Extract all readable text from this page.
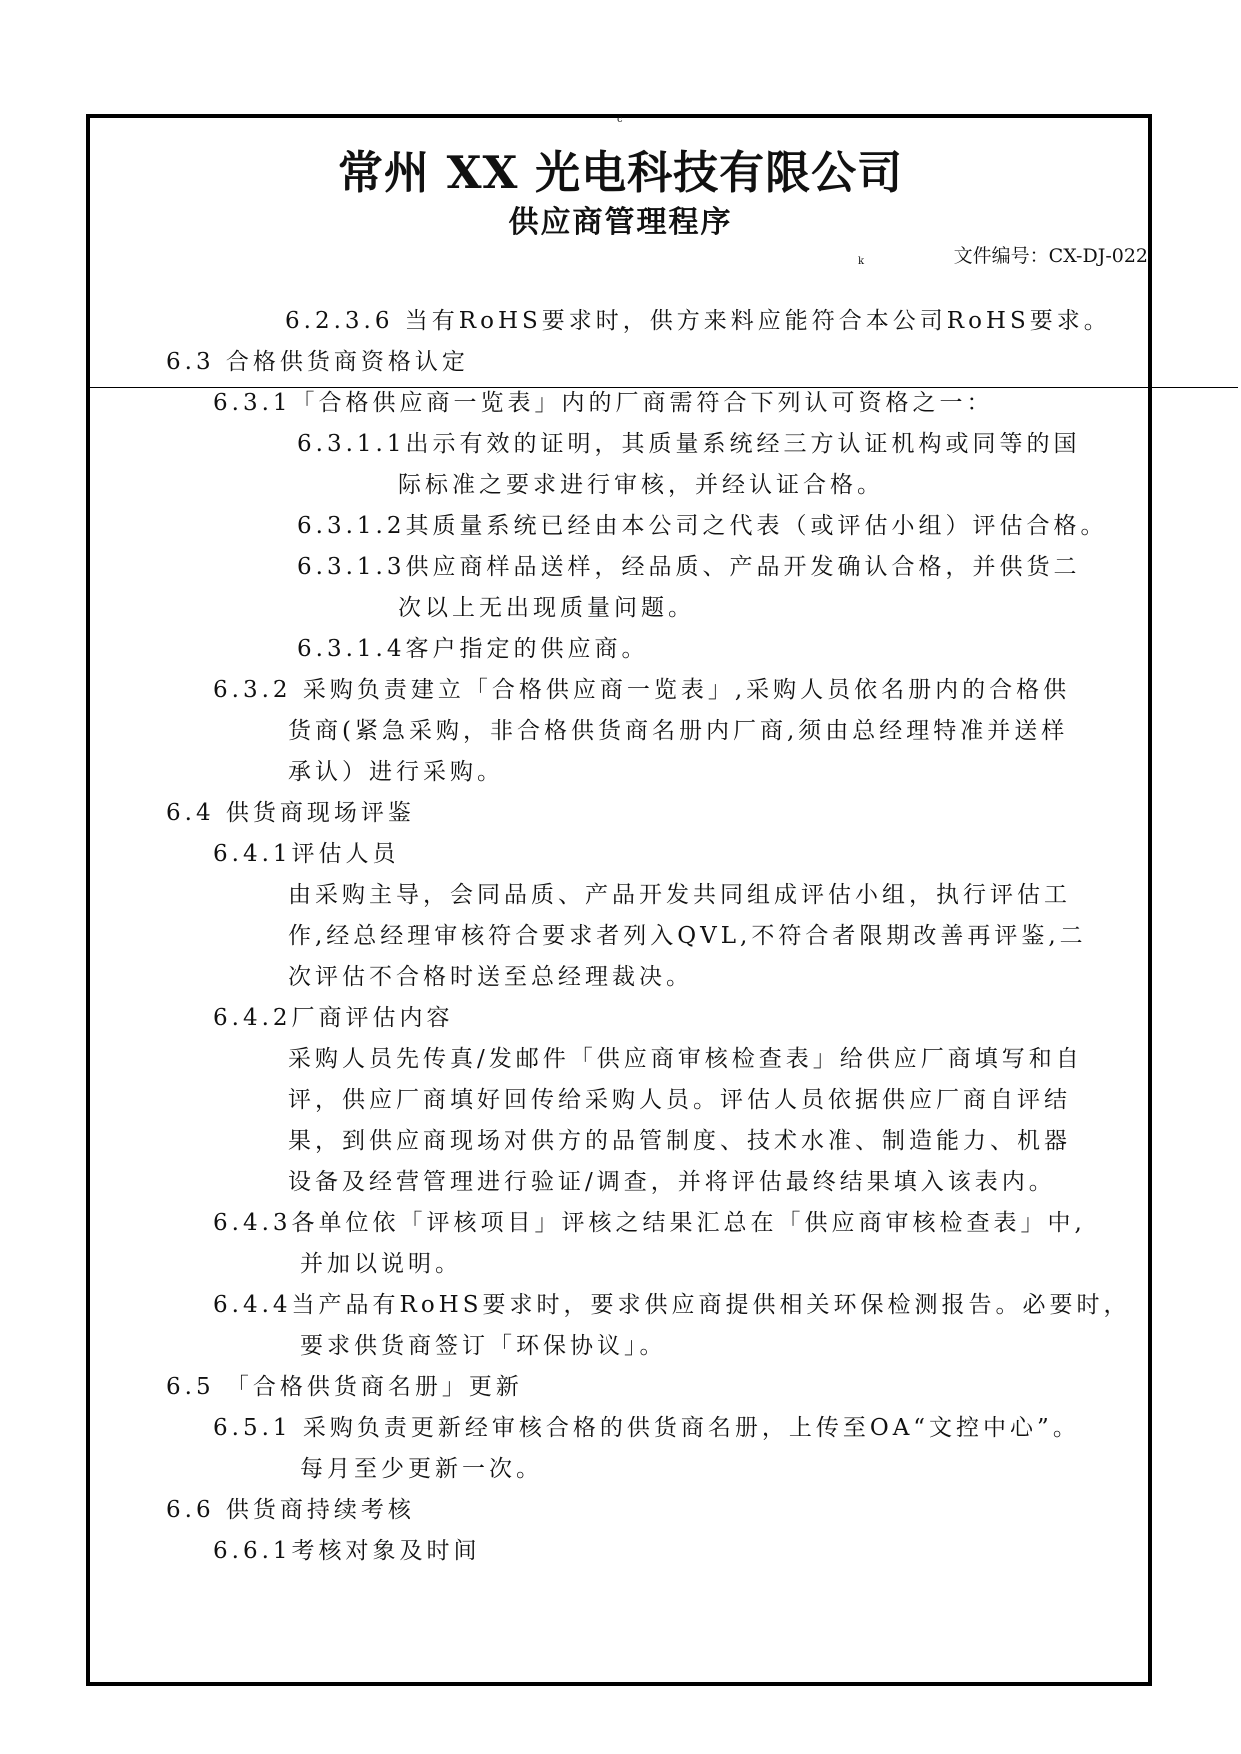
c
常州 XX 光电科技有限公司
供应商管理程序
k	文件编号：CX-DJ-022
6.2.3.6 当有RoHS要求时，供方来料应能符合本公司RoHS要求。
6.3 合格供货商资格认定
6.3.1「合格供应商一览表」内的厂商需符合下列认可资格之一：
6.3.1.1出示有效的证明，其质量系统经三方认证机构或同等的国
际标准之要求进行审核，并经认证合格。
6.3.1.2其质量系统已经由本公司之代表（或评估小组）评估合格。
6.3.1.3供应商样品送样，经品质、产品开发确认合格，并供货二
次以上无出现质量问题。
6.3.1.4客户指定的供应商。
6.3.2 采购负责建立「合格供应商一览表」,采购人员依名册内的合格供
货商(紧急采购，非合格供货商名册内厂商,须由总经理特准并送样
承认）进行采购。
6.4 供货商现场评鉴
6.4.1评估人员
由采购主导，会同品质、产品开发共同组成评估小组，执行评估工
作,经总经理审核符合要求者列入QVL,不符合者限期改善再评鉴,二
次评估不合格时送至总经理裁决。
6.4.2厂商评估内容
采购人员先传真/发邮件「供应商审核检查表」给供应厂商填写和自
评，供应厂商填好回传给采购人员。评估人员依据供应厂商自评结
果，到供应商现场对供方的品管制度、技术水准、制造能力、机器
设备及经营管理进行验证/调查，并将评估最终结果填入该表内。
6.4.3各单位依「评核项目」评核之结果汇总在「供应商审核检查表」中,
并加以说明。
6.4.4当产品有RoHS要求时，要求供应商提供相关环保检测报告。必要时，
要求供货商签订「环保协议」。
6.5 「合格供货商名册」更新
6.5.1 采购负责更新经审核合格的供货商名册，上传至OA“文控中心”。
每月至少更新一次。
6.6 供货商持续考核
6.6.1考核对象及时间
